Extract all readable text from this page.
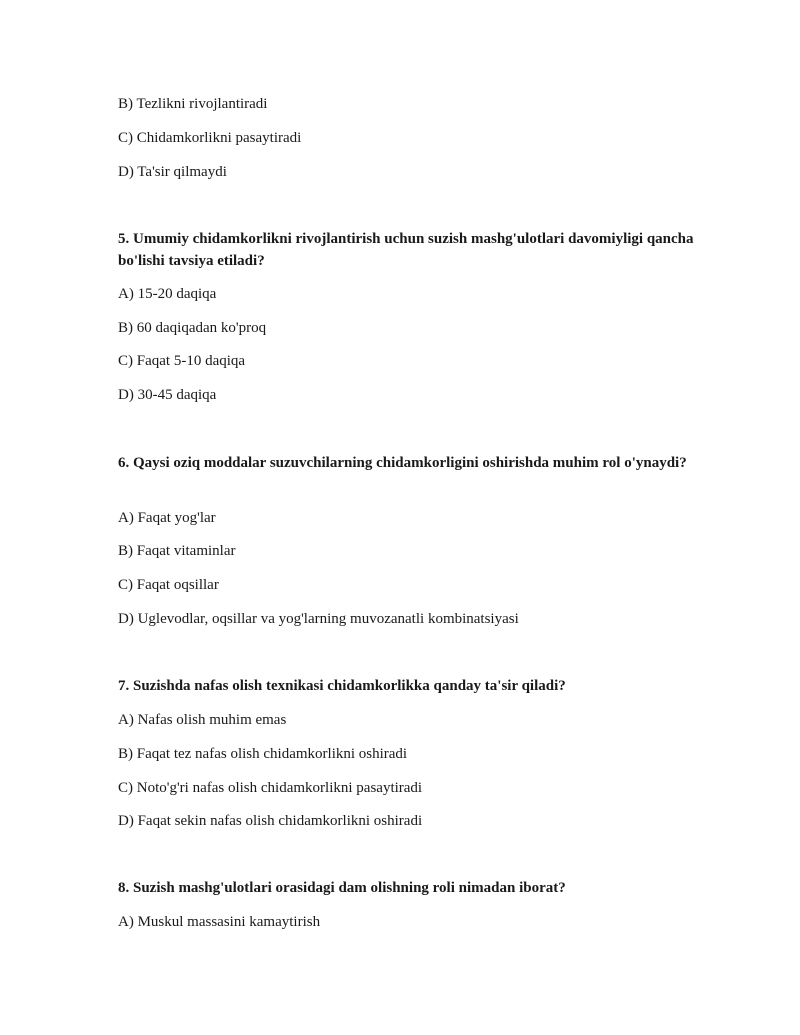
B) Tezlikni rivojlantiradi
C) Chidamkorlikni pasaytiradi
D) Ta'sir qilmaydi
5. Umumiy chidamkorlikni rivojlantirish uchun suzish mashg'ulotlari davomiyligi qancha bo'lishi tavsiya etiladi?
A) 15-20 daqiqa
B) 60 daqiqadan ko'proq
C) Faqat 5-10 daqiqa
D) 30-45 daqiqa
6. Qaysi oziq moddalar suzuvchilarning chidamkorligini oshirishda muhim rol o'ynaydi?
A) Faqat yog'lar
B) Faqat vitaminlar
C) Faqat oqsillar
D) Uglevodlar, oqsillar va yog'larning muvozanatli kombinatsiyasi
7. Suzishda nafas olish texnikasi chidamkorlikka qanday ta'sir qiladi?
A) Nafas olish muhim emas
B) Faqat tez nafas olish chidamkorlikni oshiradi
C) Noto'g'ri nafas olish chidamkorlikni pasaytiradi
D) Faqat sekin nafas olish chidamkorlikni oshiradi
8. Suzish mashg'ulotlari orasidagi dam olishning roli nimadan iborat?
A) Muskul massasini kamaytirish
